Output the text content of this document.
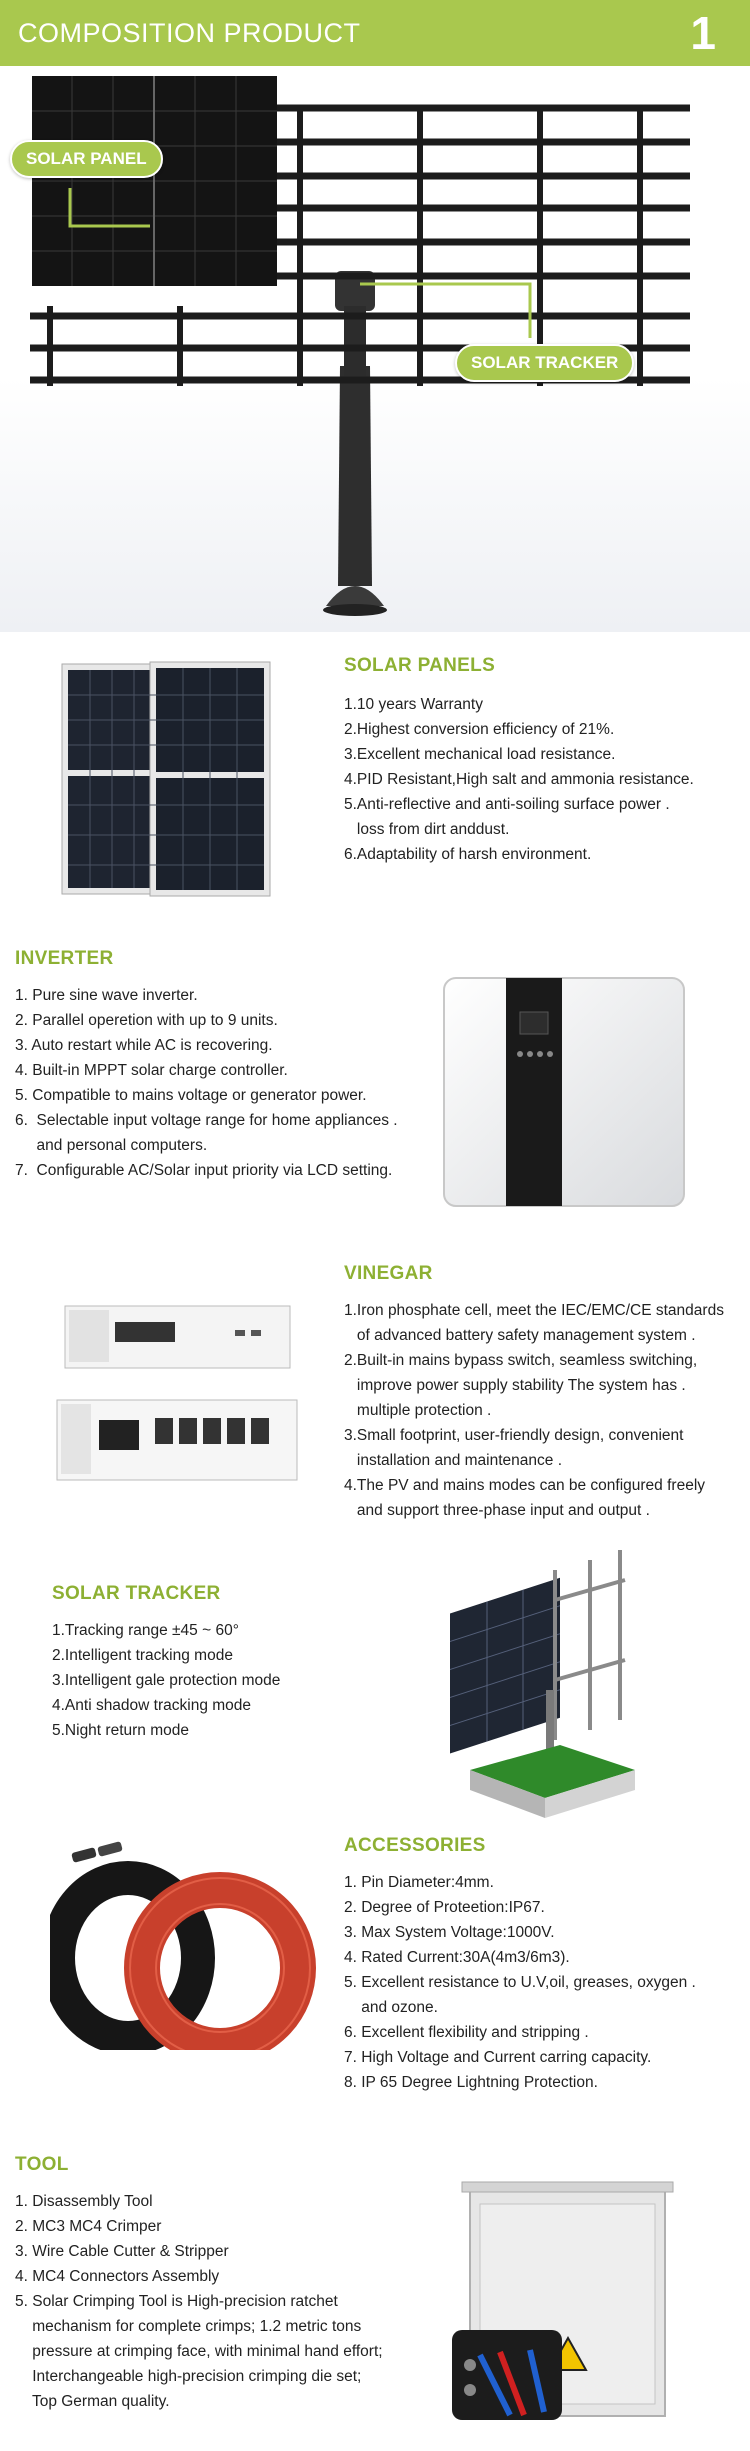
COMPOSITION PRODUCT	1
SOLAR PANEL
SOLAR TRACKER
SOLAR PANELS
1.10 years Warranty
2.Highest conversion efficiency of 21%.
3.Excellent mechanical load resistance.
4.PID Resistant,High salt and ammonia resistance.
5.Anti-reflective and anti-soiling surface power .
loss from dirt anddust.
6.Adaptability of harsh environment.
INVERTER
1. Pure sine wave inverter.
2. Parallel operetion with up to 9 units.
3. Auto restart while AC is recovering.
4. Built-in MPPT solar charge controller.
5. Compatible to mains voltage or generator power.
6.  Selectable input voltage range for home appliances .
and personal computers.
7.  Configurable AC/Solar input priority via LCD setting.
VINEGAR
1.Iron phosphate cell, meet the IEC/EMC/CE standards
of advanced battery safety management system .
2.Built-in mains bypass switch, seamless switching,
improve power supply stability The system has .
multiple protection .
3.Small footprint, user-friendly design, convenient
installation and maintenance .
4.The PV and mains modes can be configured freely
and support three-phase input and output .
SOLAR TRACKER
1.Tracking range ±45 ~ 60°
2.Intelligent tracking mode
3.Intelligent gale protection mode
4.Anti shadow tracking mode
5.Night return mode
ACCESSORIES
1. Pin Diameter:4mm.
2. Degree of Proteetion:IP67.
3. Max System Voltage:1000V.
4. Rated Current:30A(4m3/6m3).
5. Excellent resistance to U.V,oil, greases, oxygen .
and ozone.
6. Excellent flexibility and stripping .
7. High Voltage and Current carring capacity.
8. IP 65 Degree Lightning Protection.
TOOL
1. Disassembly Tool
2. MC3 MC4 Crimper
3. Wire Cable Cutter & Stripper
4. MC4 Connectors Assembly
5. Solar Crimping Tool is High-precision ratchet
mechanism for complete crimps; 1.2 metric tons
pressure at crimping face, with minimal hand effort;
Interchangeable high-precision crimping die set;
Top German quality.
